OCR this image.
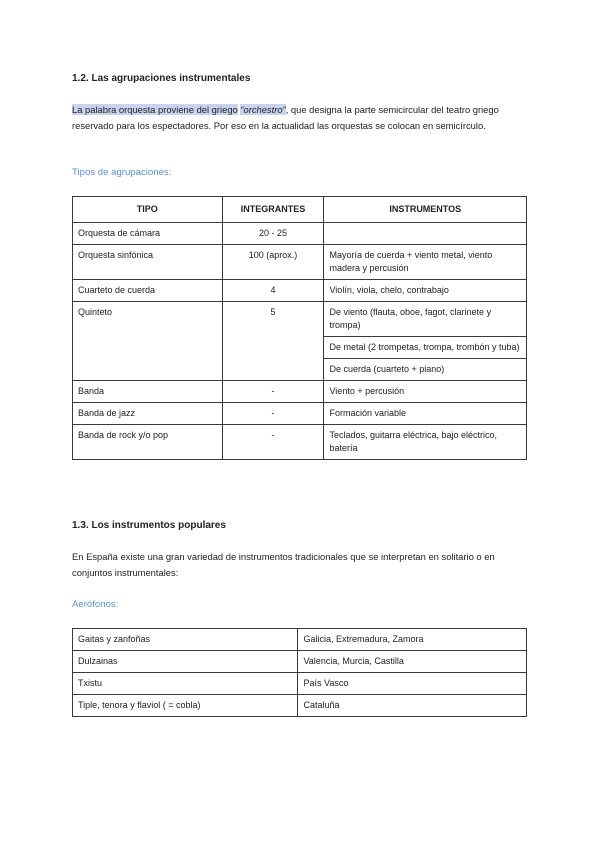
1.2. Las agrupaciones instrumentales
La palabra orquesta proviene del griego “orchestro”, que designa la parte semicircular del teatro griego reservado para los espectadores. Por eso en la actualidad las orquestas se colocan en semicírculo.
Tipos de agrupaciones:
TIPO	INTEGRANTES	INSTRUMENTOS
Orquesta de cámara	20 - 25	
Orquesta sinfónica	100 (aprox.)	Mayoría de cuerda + viento metal, viento madera y percusión
Cuarteto de cuerda	4	Violín, viola, chelo, contrabajo
Quinteto	5	De viento (flauta, oboe, fagot, clarinete y trompa)
		De metal (2 trompetas, trompa, trombón y tuba)
		De cuerda (cuarteto + piano)
Banda	-	Viento + percusión
Banda de jazz	-	Formación variable
Banda de rock y/o pop	-	Teclados, guitarra eléctrica, bajo eléctrico, batería
1.3. Los instrumentos populares
En España existe una gran variedad de instrumentos tradicionales que se interpretan en solitario o en conjuntos instrumentales:
Aerófonos:
Gaitas y zanfoñas	Galicia, Extremadura, Zamora
Dulzainas	Valencia, Murcia, Castilla
Txistu	País Vasco
Tiple, tenora y flaviol ( = cobla)	Cataluña
